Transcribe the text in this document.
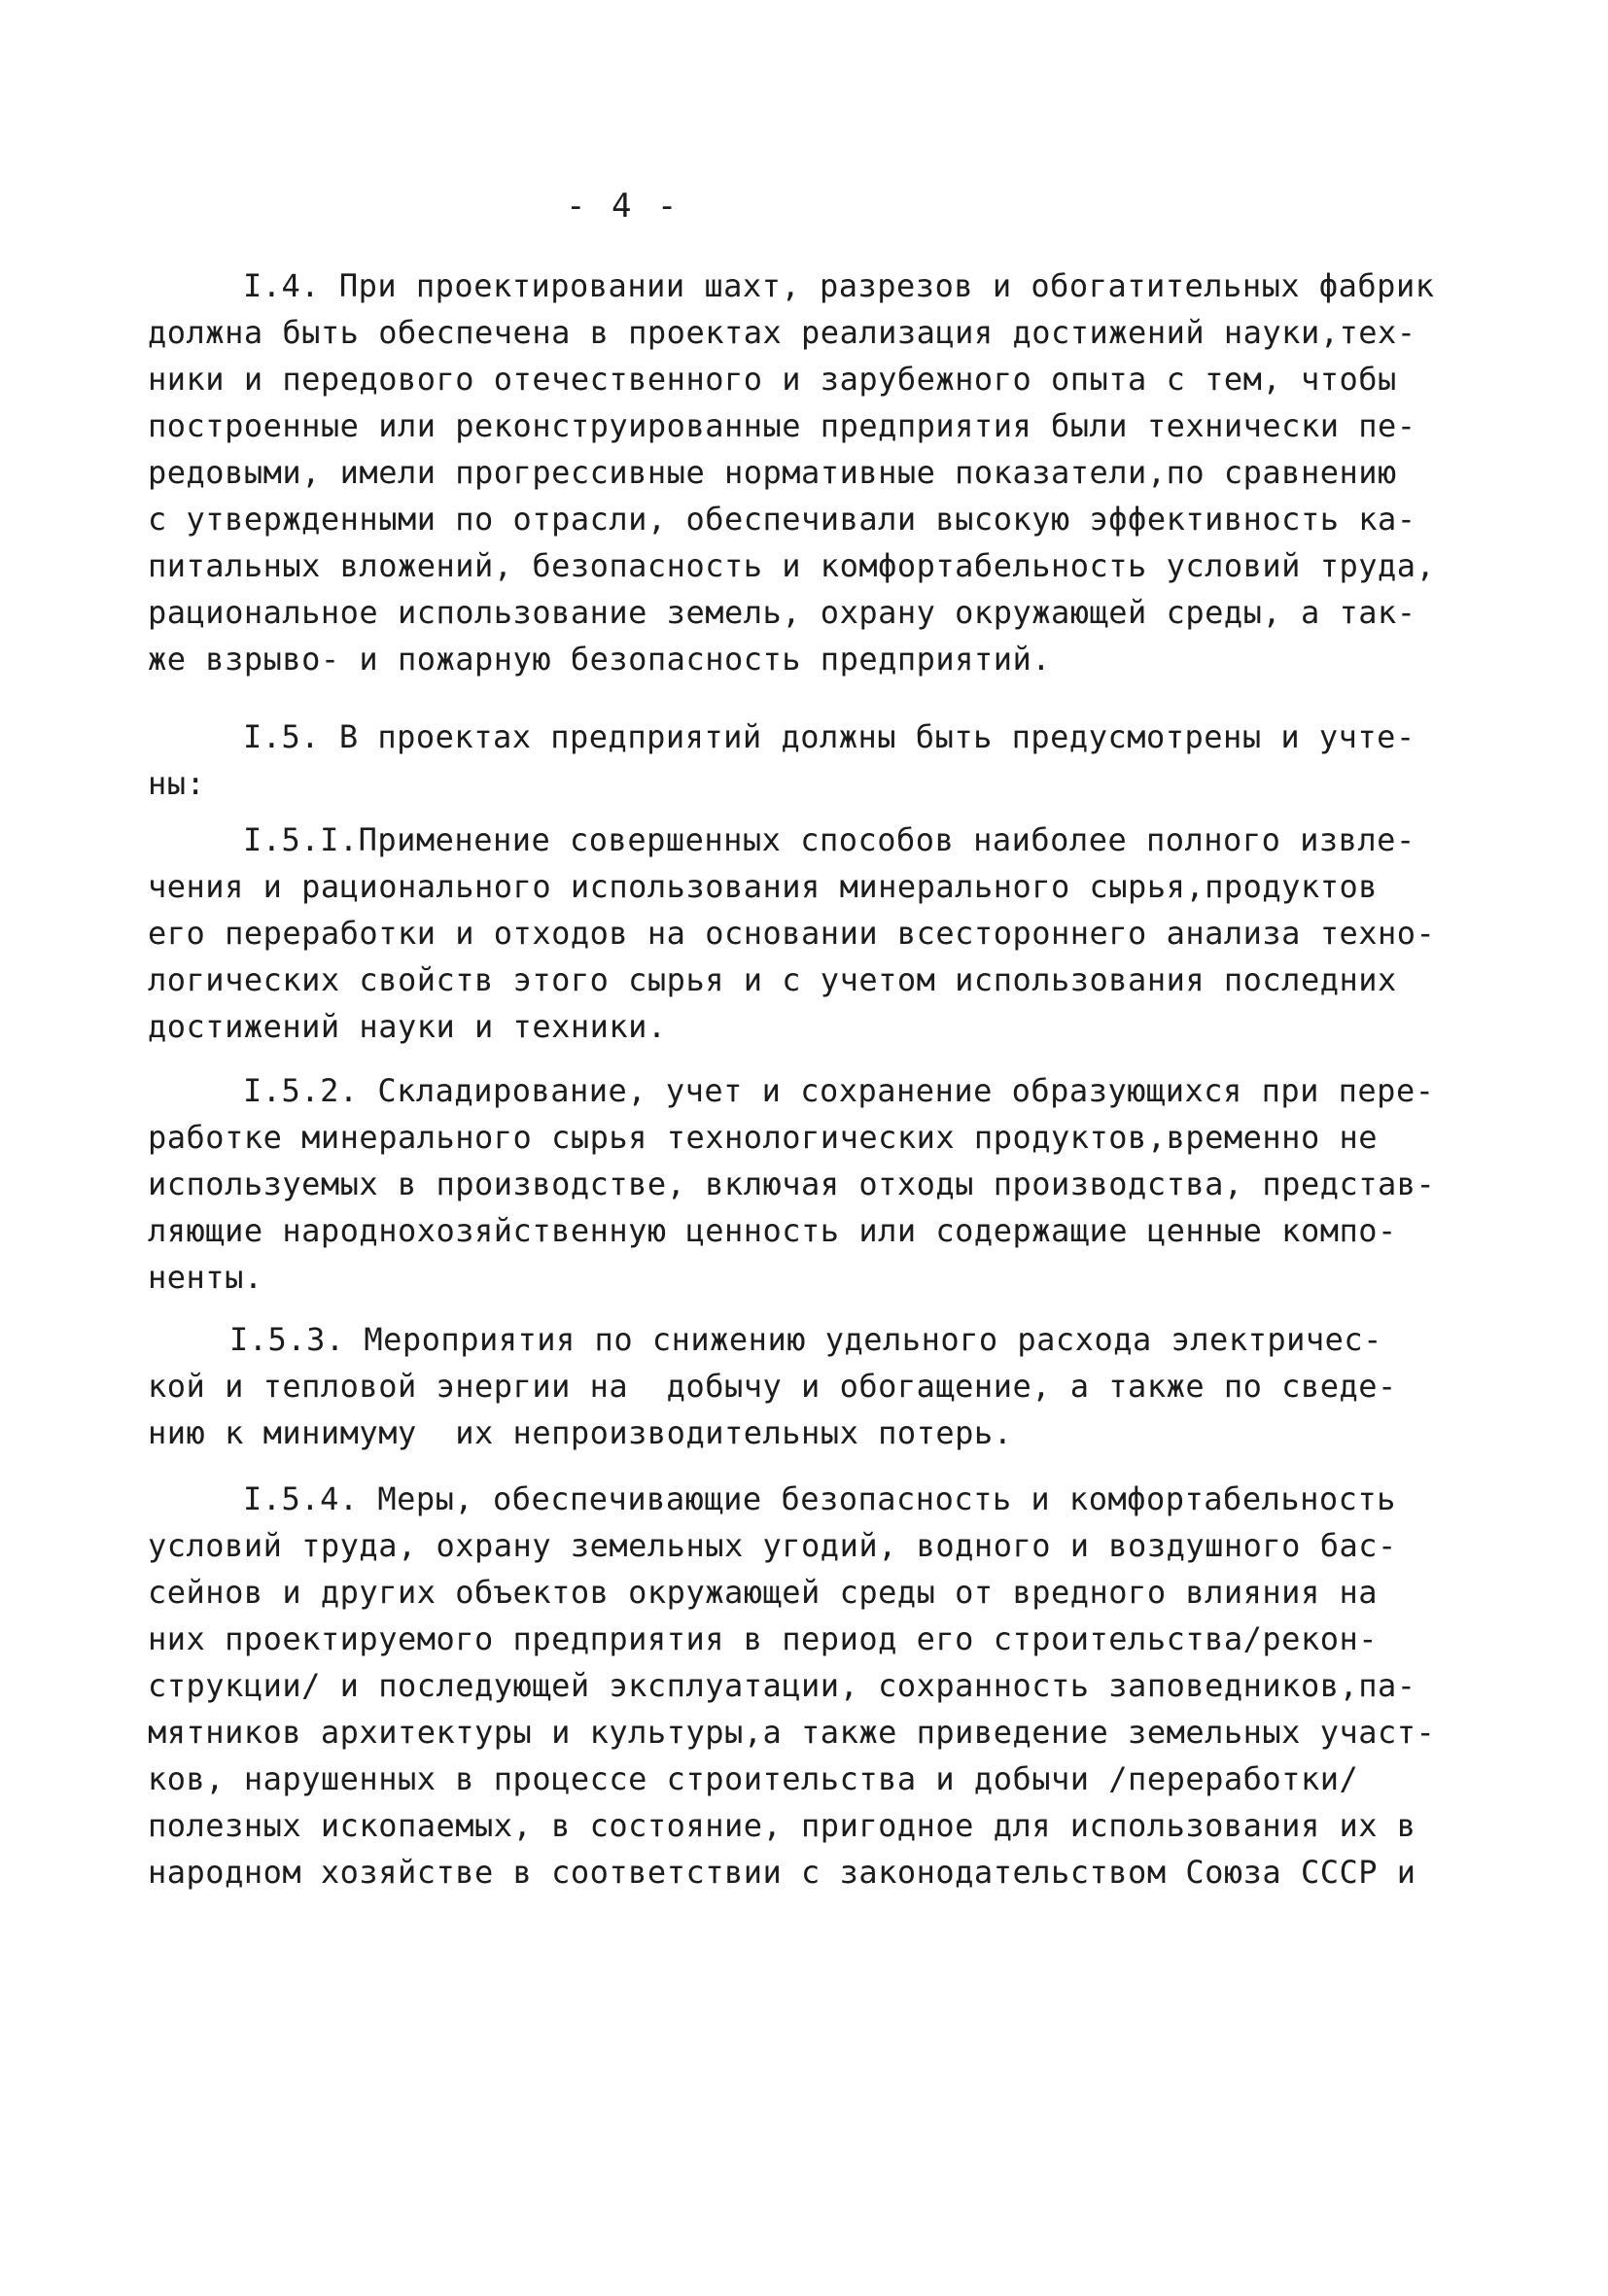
- 4 -
I.4. При проектировании шахт, разрезов и обогатительных фабрик
должна быть обеспечена в проектах реализация достижений науки,тех-
ники и передового отечественного и зарубежного опыта с тем, чтобы
построенные или реконструированные предприятия были технически пе-
редовыми, имели прогрессивные нормативные показатели,по сравнению
с утвержденными по отрасли, обеспечивали высокую эффективность ка-
питальных вложений, безопасность и комфортабельность условий труда,
рациональное использование земель, охрану окружающей среды, а так-
же взрыво- и пожарную безопасность предприятий.
I.5. В проектах предприятий должны быть предусмотрены и учте-
ны:
I.5.I.Применение совершенных способов наиболее полного извле-
чения и рационального использования минерального сырья,продуктов
его переработки и отходов на основании всестороннего анализа техно-
логических свойств этого сырья и с учетом использования последних
достижений науки и техники.
I.5.2. Складирование, учет и сохранение образующихся при пере-
работке минерального сырья технологических продуктов,временно не
используемых в производстве, включая отходы производства, представ-
ляющие народнохозяйственную ценность или содержащие ценные компо-
ненты.
I.5.3. Мероприятия по снижению удельного расхода электричес-
кой и тепловой энергии на  добычу и обогащение, а также по сведе-
нию к минимуму  их непроизводительных потерь.
I.5.4. Меры, обеспечивающие безопасность и комфортабельность
условий труда, охрану земельных угодий, водного и воздушного бас-
сейнов и других объектов окружающей среды от вредного влияния на
них проектируемого предприятия в период его строительства/рекон-
струкции/ и последующей эксплуатации, сохранность заповедников,па-
мятников архитектуры и культуры,а также приведение земельных участ-
ков, нарушенных в процессе строительства и добычи /переработки/
полезных ископаемых, в состояние, пригодное для использования их в
народном хозяйстве в соответствии с законодательством Союза СССР и
